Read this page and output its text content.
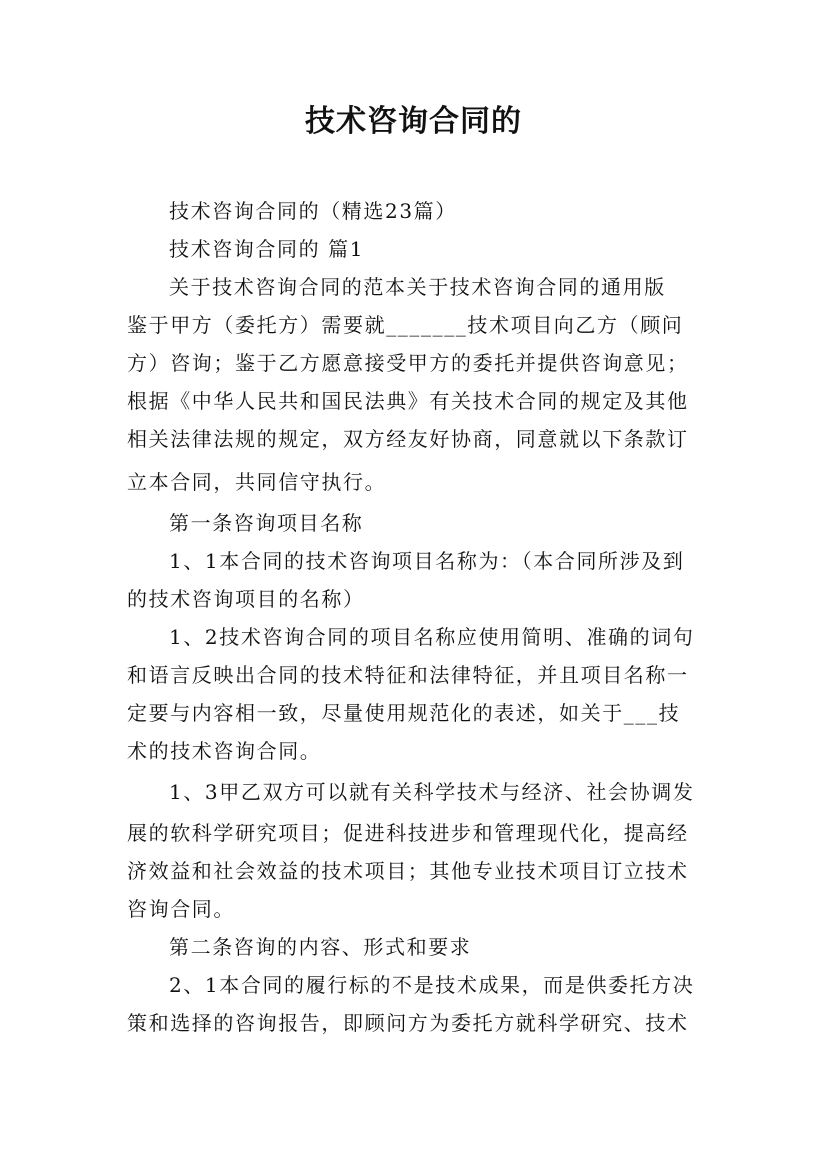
技术咨询合同的
技术咨询合同的（精选23篇）
技术咨询合同的 篇1
关于技术咨询合同的范本关于技术咨询合同的通用版
鉴于甲方（委托方）需要就_______技术项目向乙方（顾问
方）咨询；鉴于乙方愿意接受甲方的委托并提供咨询意见；
根据《中华人民共和国民法典》有关技术合同的规定及其他
相关法律法规的规定，双方经友好协商，同意就以下条款订
立本合同，共同信守执行。
第一条咨询项目名称
1、1本合同的技术咨询项目名称为：（本合同所涉及到
的技术咨询项目的名称）
1、2技术咨询合同的项目名称应使用简明、准确的词句
和语言反映出合同的技术特征和法律特征，并且项目名称一
定要与内容相一致，尽量使用规范化的表述，如关于___技
术的技术咨询合同。
1、3甲乙双方可以就有关科学技术与经济、社会协调发
展的软科学研究项目；促进科技进步和管理现代化，提高经
济效益和社会效益的技术项目；其他专业技术项目订立技术
咨询合同。
第二条咨询的内容、形式和要求
2、1本合同的履行标的不是技术成果，而是供委托方决
策和选择的咨询报告，即顾问方为委托方就科学研究、技术
